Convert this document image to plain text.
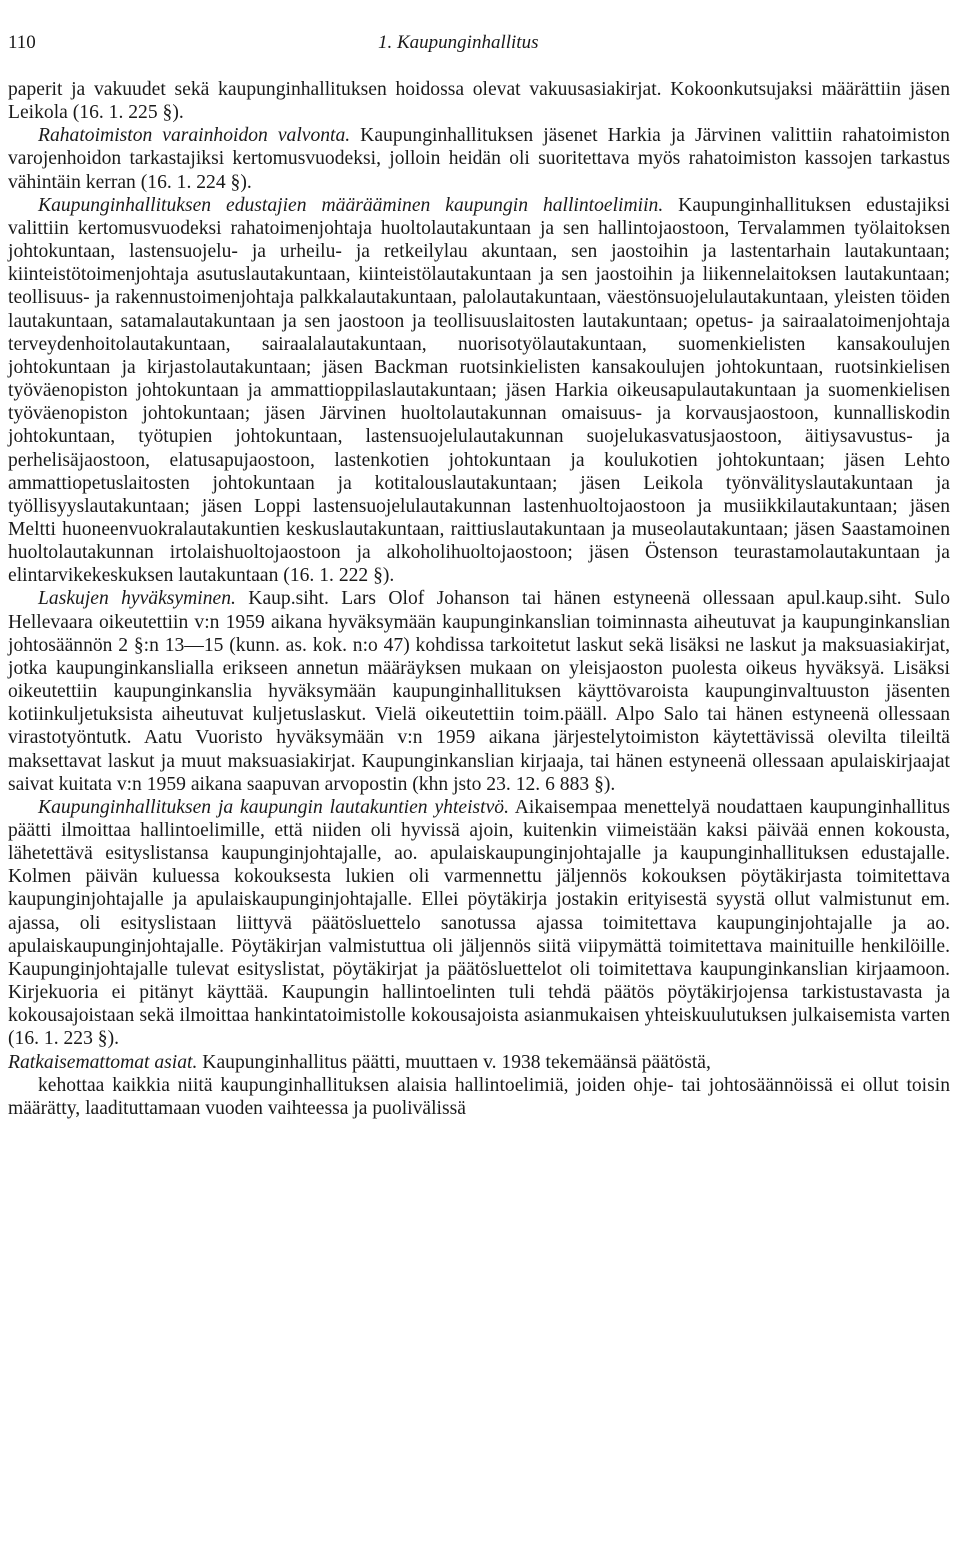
110	1. Kaupunginhallitus

paperit ja vakuudet sekä kaupunginhallituksen hoidossa olevat vakuusasiakirjat. Kokoonkutsujaksi määrättiin jäsen Leikola (16. 1. 225 §).

Rahatoimiston varainhoidon valvonta. Kaupunginhallituksen jäsenet Harkia ja Järvinen valittiin rahatoimiston varojenhoidon tarkastajiksi kertomusvuodeksi, jolloin heidän oli suoritettava myös rahatoimiston kassojen tarkastus vähintäin kerran (16. 1. 224 §).

Kaupunginhallituksen edustajien määrääminen kaupungin hallintoelimiin. Kaupunginhallituksen edustajiksi valittiin kertomusvuodeksi rahatoimenjohtaja huoltolautakuntaan ja sen hallintojaostoon, Tervalammen työlaitoksen johtokuntaan, lastensuojelu- ja urheilu- ja retkeilylau akuntaan, sen jaostoihin ja lastentarhain lautakuntaan; kiinteistötoimenjohtaja asutuslautakuntaan, kiinteistölautakuntaan ja sen jaostoihin ja liikennelaitoksen lautakuntaan; teollisuus- ja rakennustoimenjohtaja palkkalautakuntaan, palolautakuntaan, väestönsuojelulautakuntaan, yleisten töiden lautakuntaan, satamalautakuntaan ja sen jaostoon ja teollisuuslaitosten lautakuntaan; opetus- ja sairaalatoimenjohtaja terveydenhoitolautakuntaan, sairaalalautakuntaan, nuorisotyölautakuntaan, suomenkielisten kansakoulujen johtokuntaan ja kirjastolautakuntaan; jäsen Backman ruotsinkielisten kansakoulujen johtokuntaan, ruotsinkielisen työväenopiston johtokuntaan ja ammattioppilaslautakuntaan; jäsen Harkia oikeusapulautakuntaan ja suomenkielisen työväenopiston johtokuntaan; jäsen Järvinen huoltolautakunnan omaisuus- ja korvausjaostoon, kunnalliskodin johtokuntaan, työtupien johtokuntaan, lastensuojelulautakunnan suojelukasvatusjaostoon, äitiysavustus- ja perhelisäjaostoon, elatusapujaostoon, lastenkotien johtokuntaan ja koulukotien johtokuntaan; jäsen Lehto ammattiopetuslaitosten johtokuntaan ja kotitalouslautakuntaan; jäsen Leikola työnvälityslautakuntaan ja työllisyyslautakuntaan; jäsen Loppi lastensuojelulautakunnan lastenhuoltojaostoon ja musiikkilautakuntaan; jäsen Meltti huoneenvuokralautakuntien keskuslautakuntaan, raittiuslautakuntaan ja museolautakuntaan; jäsen Saastamoinen huoltolautakunnan irtolaishuoltojaostoon ja alkoholihuoltojaostoon; jäsen Östenson teurastamolautakuntaan ja elintarvikekeskuksen lautakuntaan (16. 1. 222 §).

Laskujen hyväksyminen. Kaup.siht. Lars Olof Johanson tai hänen estyneenä ollessaan apul.kaup.siht. Sulo Hellevaara oikeutettiin v:n 1959 aikana hyväksymään kaupunginkanslian toiminnasta aiheutuvat ja kaupunginkanslian johtosäännön 2 §:n 13—15 (kunn. as. kok. n:o 47) kohdissa tarkoitetut laskut sekä lisäksi ne laskut ja maksuasiakirjat, jotka kaupunginkanslialla erikseen annetun määräyksen mukaan on yleisjaoston puolesta oikeus hyväksyä. Lisäksi oikeutettiin kaupunginkanslia hyväksymään kaupunginhallituksen käyttövaroista kaupunginvaltuuston jäsenten kotiinkuljetuksista aiheutuvat kuljetuslaskut. Vielä oikeutettiin toim.pääll. Alpo Salo tai hänen estyneenä ollessaan virastotyöntutk. Aatu Vuoristo hyväksymään v:n 1959 aikana järjestelytoimiston käytettävissä olevilta tileiltä maksettavat laskut ja muut maksuasiakirjat. Kaupunginkanslian kirjaaja, tai hänen estyneenä ollessaan apulaiskirjaajat saivat kuitata v:n 1959 aikana saapuvan arvopostin (khn jsto 23. 12. 6 883 §).

Kaupunginhallituksen ja kaupungin lautakuntien yhteistvö. Aikaisempaa menettelyä noudattaen kaupunginhallitus päätti ilmoittaa hallintoelimille, että niiden oli hyvissä ajoin, kuitenkin viimeistään kaksi päivää ennen kokousta, lähetettävä esityslistansa kaupunginjohtajalle, ao. apulaiskaupunginjohtajalle ja kaupunginhallituksen edustajalle. Kolmen päivän kuluessa kokouksesta lukien oli varmennettu jäljennös kokouksen pöytäkirjasta toimitettava kaupunginjohtajalle ja apulaiskaupunginjohtajalle. Ellei pöytäkirja jostakin erityisestä syystä ollut valmistunut em. ajassa, oli esityslistaan liittyvä päätösluettelo sanotussa ajassa toimitettava kaupunginjohtajalle ja ao. apulaiskaupunginjohtajalle. Pöytäkirjan valmistuttua oli jäljennös siitä viipymättä toimitettava mainituille henkilöille. Kaupunginjohtajalle tulevat esityslistat, pöytäkirjat ja päätösluettelot oli toimitettava kaupunginkanslian kirjaamoon. Kirjekuoria ei pitänyt käyttää. Kaupungin hallintoelinten tuli tehdä päätös pöytäkirjojensa tarkistustavasta ja kokousajoistaan sekä ilmoittaa hankintatoimistolle kokousajoista asianmukaisen yhteiskuulutuksen julkaisemista varten (16. 1. 223 §).

Ratkaisemattomat asiat. Kaupunginhallitus päätti, muuttaen v. 1938 tekemäänsä päätöstä,

kehottaa kaikkia niitä kaupunginhallituksen alaisia hallintoelimiä, joiden ohje- tai johtosäännöissä ei ollut toisin määrätty, laadituttamaan vuoden vaihteessa ja puolivälissä
